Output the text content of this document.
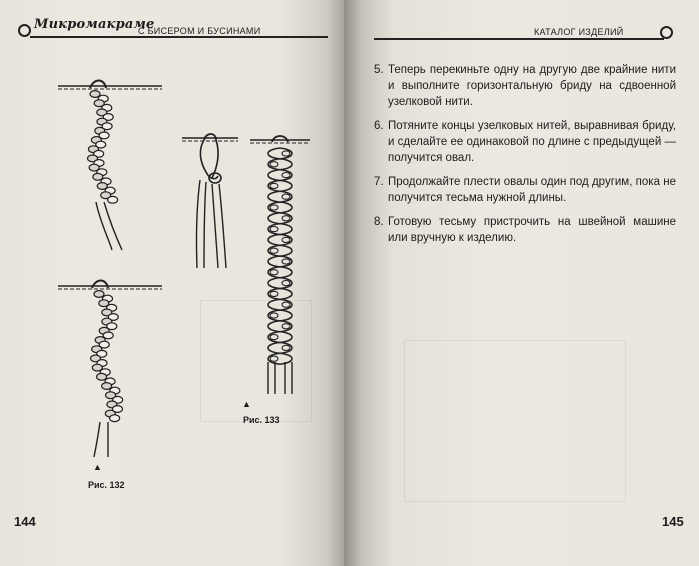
Микромакраме
С БИСЕРОМ И БУСИНАМИ
▲
Рис. 132
▲
Рис. 133
144
КАТАЛОГ ИЗДЕЛИЙ
5. Теперь перекиньте одну на другую две крайние нити и выполните горизонтальную бриду на сдвоенной узелковой нити.
6. Потяните концы узелковых нитей, выравнивая бриду, и сделайте ее одинаковой по длине с предыдущей — получится овал.
7. Продолжайте плести овалы один под другим, пока не получится тесьма нужной длины.
8. Готовую тесьму пристрочить на швейной машине или вручную к изделию.
145
